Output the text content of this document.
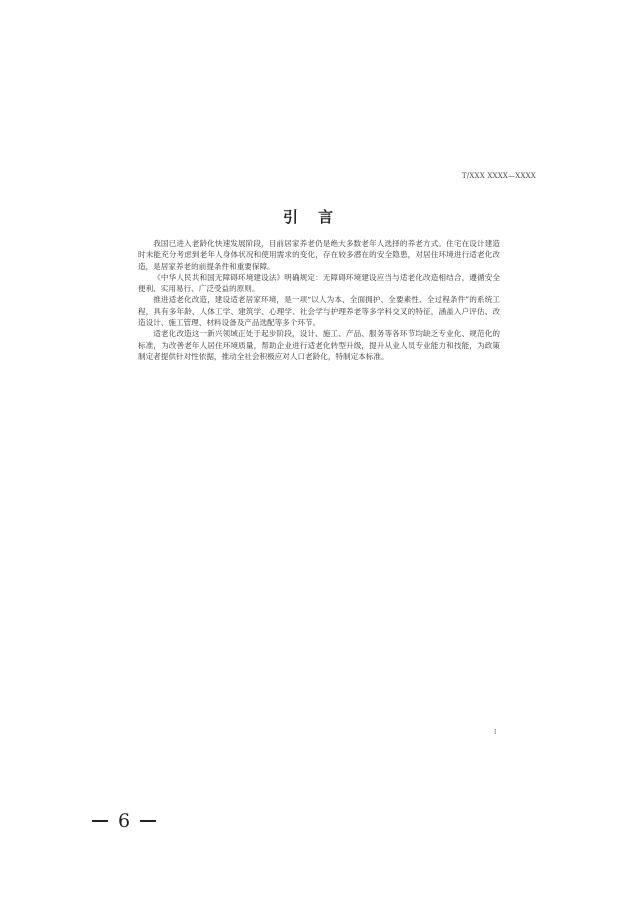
T/XXX XXXX—XXXX
引言

我国已进入老龄化快速发展阶段，目前居家养老仍是绝大多数老年人选择的养老方式。住宅在设计建造时未能充分考虑到老年人身体状况和使用需求的变化，存在较多潜在的安全隐患，对居住环境进行适老化改造，是居家养老的前提条件和重要保障。

《中华人民共和国无障碍环境建设法》明确规定：无障碍环境建设应当与适老化改造相结合，遵循安全便利、实用易行、广泛受益的原则。

推进适老化改造，建设适老居家环境，是一项“以人为本、全面拥护、全要素性、全过程条件”的系统工程，具有多年龄、人体工学、建筑学、心理学、社会学与护理养老等多学科交叉的特征，涵盖入户评估、改造设计、施工管理、材料设备及产品选配等多个环节。

适老化改造这一新兴领域正处于起步阶段，设计、施工、产品、服务等各环节均缺乏专业化、规范化的标准，为改善老年人居住环境质量，帮助企业进行适老化转型升级，提升从业人员专业能力和技能，为政策制定者提供针对性依据，推动全社会积极应对人口老龄化，特制定本标准。

I
6
